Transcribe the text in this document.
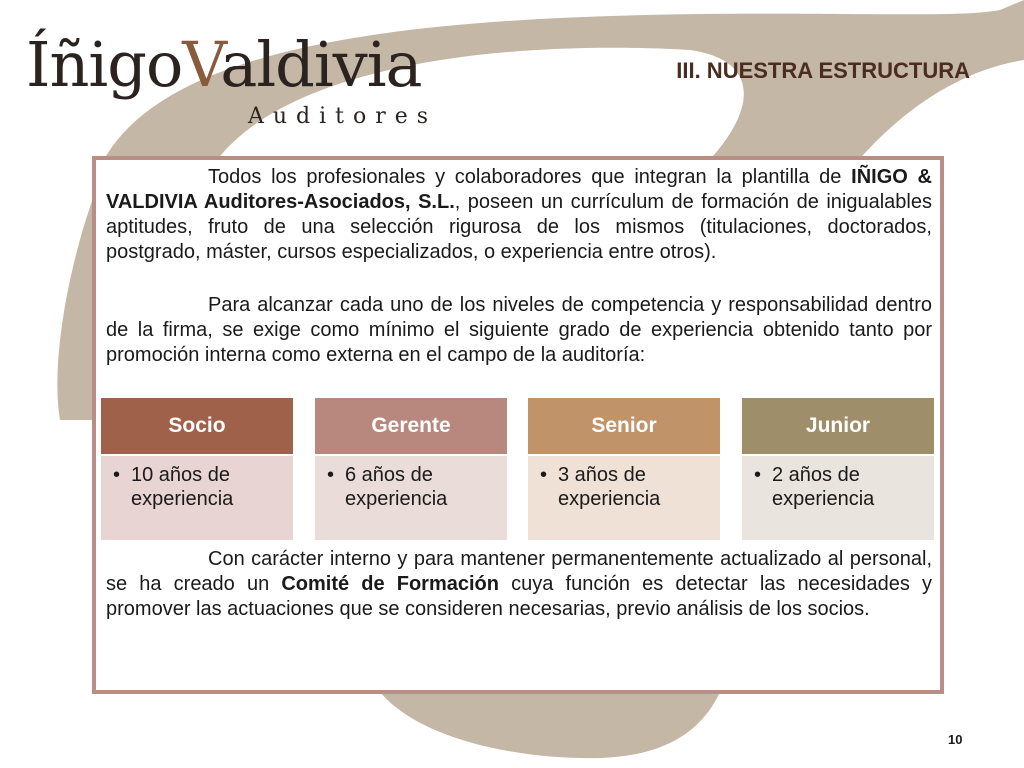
ÍñigoValdivia
Auditores
III. NUESTRA ESTRUCTURA

Todos los profesionales y colaboradores que integran la plantilla de IÑIGO & VALDIVIA Auditores-Asociados, S.L., poseen un currículum de formación de inigualables aptitudes, fruto de una selección rigurosa de los mismos (titulaciones, doctorados, postgrado, máster, cursos especializados, o experiencia entre otros).

Para alcanzar cada uno de los niveles de competencia y responsabilidad dentro de la firma, se exige como mínimo el siguiente grado de experiencia obtenido tanto por promoción interna como externa en el campo de la auditoría:

Socio
• 10 años de experiencia
Gerente
• 6 años de experiencia
Senior
• 3 años de experiencia
Junior
• 2 años de experiencia

Con carácter interno y para mantener permanentemente actualizado al personal, se ha creado un Comité de Formación cuya función es detectar las necesidades y promover las actuaciones que se consideren necesarias, previo análisis de los socios.

10
